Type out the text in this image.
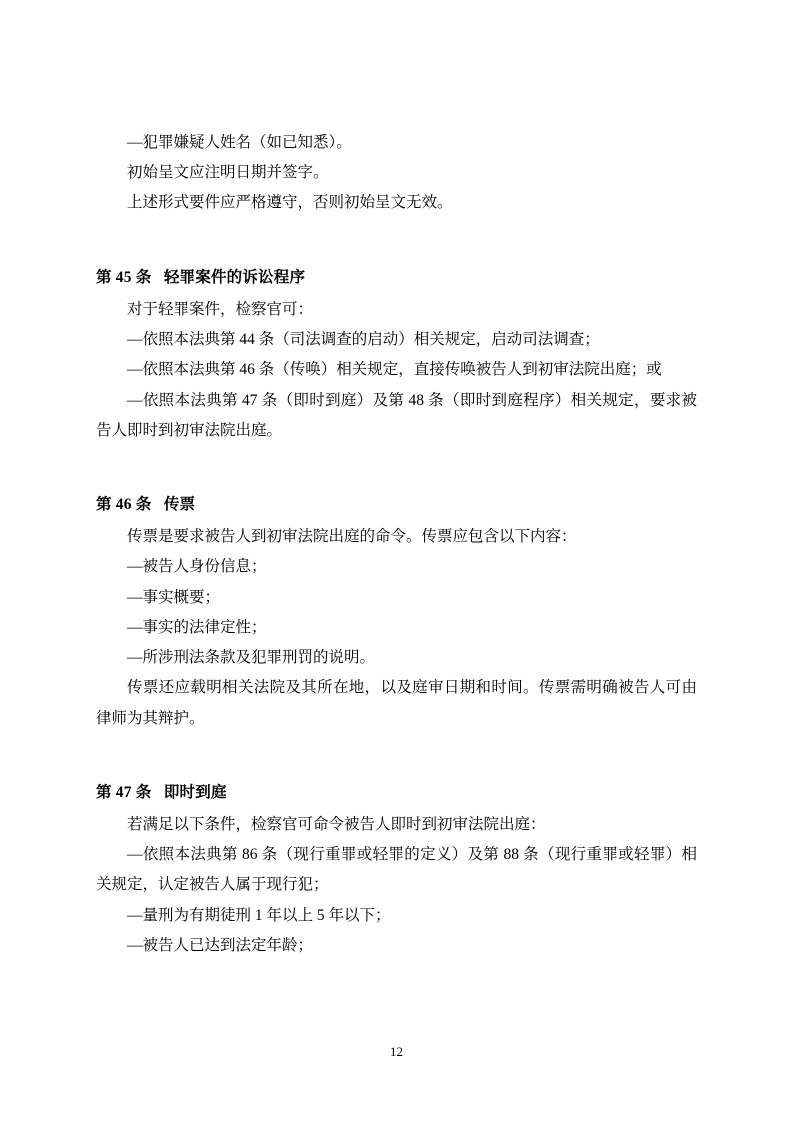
—犯罪嫌疑人姓名（如已知悉）。

初始呈文应注明日期并签字。

上述形式要件应严格遵守，否则初始呈文无效。

第 45 条 轻罪案件的诉讼程序

对于轻罪案件，检察官可：

—依照本法典第 44 条（司法调查的启动）相关规定，启动司法调查；

—依照本法典第 46 条（传唤）相关规定，直接传唤被告人到初审法院出庭；或

—依照本法典第 47 条（即时到庭）及第 48 条（即时到庭程序）相关规定，要求被告人即时到初审法院出庭。

第 46 条 传票

传票是要求被告人到初审法院出庭的命令。传票应包含以下内容：

—被告人身份信息；

—事实概要；

—事实的法律定性；

—所涉刑法条款及犯罪刑罚的说明。

传票还应载明相关法院及其所在地，以及庭审日期和时间。传票需明确被告人可由律师为其辩护。

第 47 条 即时到庭

若满足以下条件，检察官可命令被告人即时到初审法院出庭：

—依照本法典第 86 条（现行重罪或轻罪的定义）及第 88 条（现行重罪或轻罪）相关规定，认定被告人属于现行犯；

—量刑为有期徒刑 1 年以上 5 年以下；

—被告人已达到法定年龄；

12
